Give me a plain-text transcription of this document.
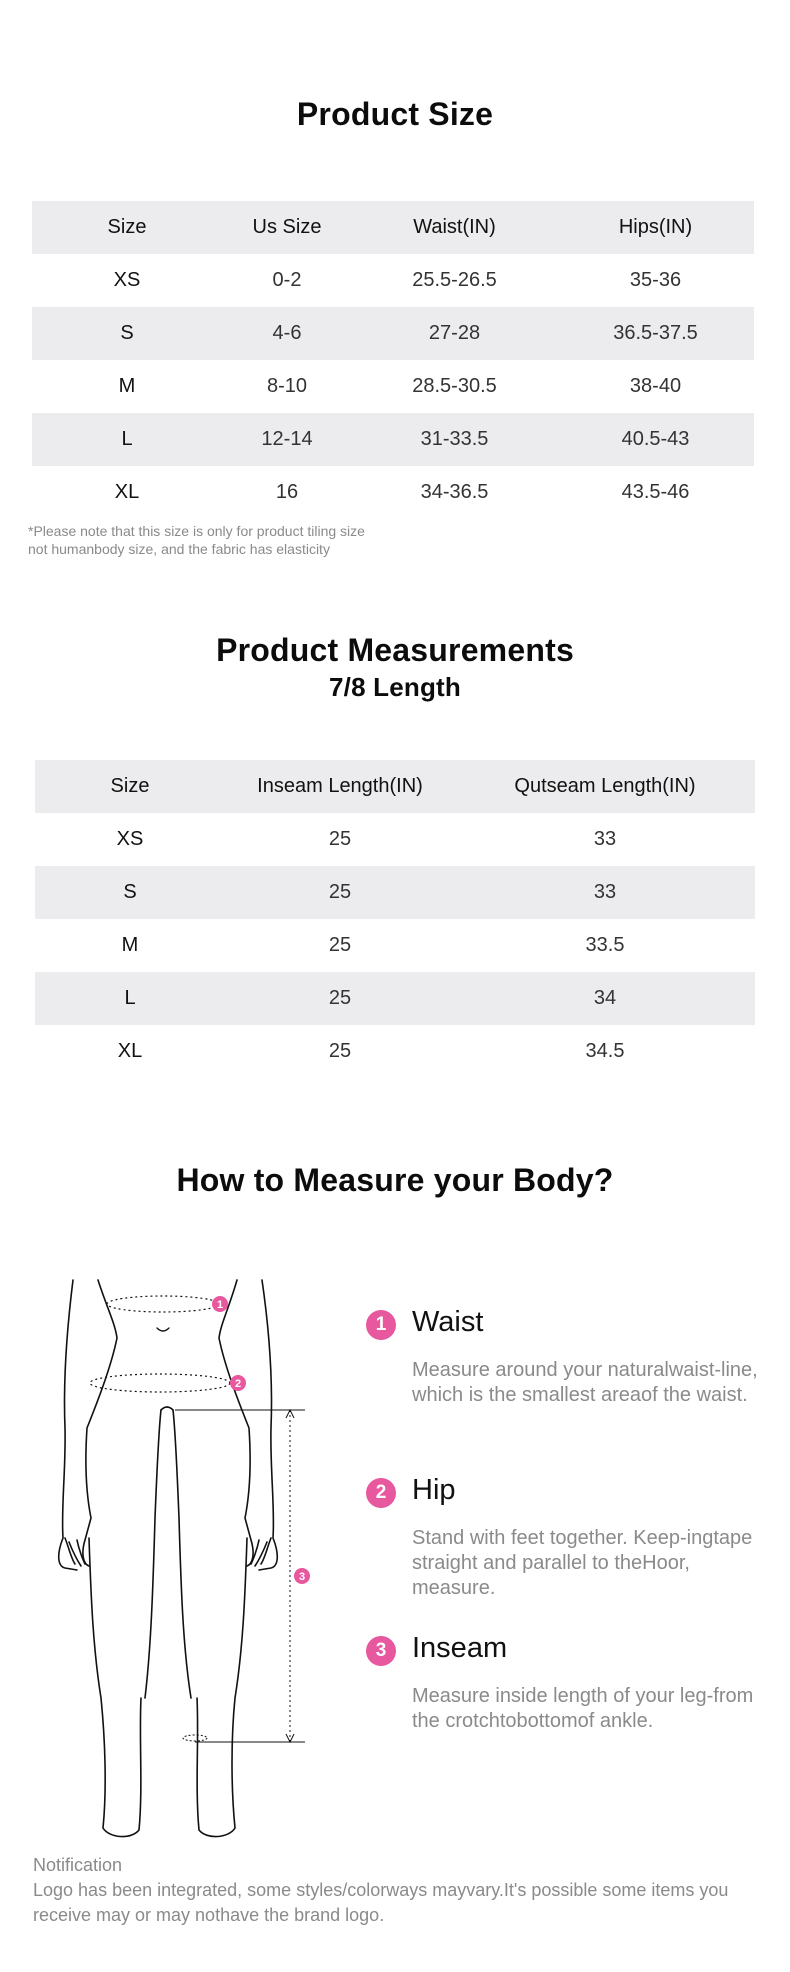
Product Size
Size	Us Size	Waist(IN)	Hips(IN)
XS	0-2	25.5-26.5	35-36
S	4-6	27-28	36.5-37.5
M	8-10	28.5-30.5	38-40
L	12-14	31-33.5	40.5-43
XL	16	34-36.5	43.5-46
*Please note that this size is only for product tiling size
not humanbody size, and the fabric has elasticity
Product Measurements
7/8 Length
Size	Inseam Length(IN)	Qutseam Length(IN)
XS	25	33
S	25	33
M	25	33.5
L	25	34
XL	25	34.5
How to Measure your Body?
1
2
3
1 Waist
Measure around your naturalwaist-line, which is the smallest areaof the waist.
2 Hip
Stand with feet together. Keep-ingtape straight and parallel to theHoor, measure.
3 Inseam
Measure inside length of your leg-from the crotchtobottomof ankle.
Notification
Logo has been integrated, some styles/colorways mayvary.It's possible some items you receive may or may nothave the brand logo.
